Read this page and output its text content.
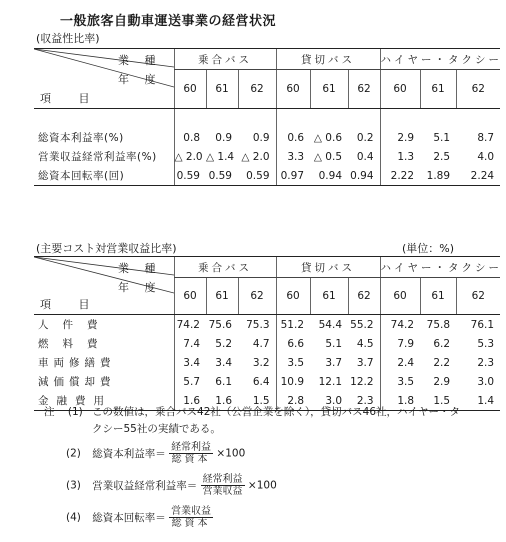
一般旅客自動車運送事業の経営状況
(収益性比率)
業 種
年 度
項 目	乗合バス			貸切バス			ハイヤー・タクシー		
	60	61	62	60	61	62	60	61	62

総資本利益率(%)	0.8	0.9	0.9	0.6	△ 0.6	0.2	2.9	5.1	8.7
営業収益経常利益率(%)	△ 2.0	△ 1.4	△ 2.0	3.3	△ 0.5	0.4	1.3	2.5	4.0
総資本回転率(回)	0.59	0.59	0.59	0.97	0.94	0.94	2.22	1.89	2.24
(主要コスト対営業収益比率)	(単位：%)
業 種
年 度
項 目	乗合バス			貸切バス			ハイヤー・タクシー		
	60	61	62	60	61	62	60	61	62

人件費	74.2	75.6	75.3	51.2	54.4	55.2	74.2	75.8	76.1
燃料費	7.4	5.2	4.7	6.6	5.1	4.5	7.9	6.2	5.3
車両修繕費	3.4	3.4	3.2	3.5	3.7	3.7	2.4	2.2	2.3
減価償却費	5.7	6.1	6.4	10.9	12.1	12.2	3.5	2.9	3.0
金融費用	1.6	1.6	1.5	2.8	3.0	2.3	1.8	1.5	1.4
注 (1) この数値は，乗合バス42社（公営企業を除く），貸切バス46社，ハイヤー・タ
クシー55社の実績である。
(2) 総資本利益率＝ $\frac{\text{経常利益}}{\text{総資本}} \times 100$
(3) 営業収益経常利益率＝ $\frac{\text{経常利益}}{\text{営業収益}} \times 100$
(4) 総資本回転率＝ $\frac{\text{営業収益}}{\text{総資本}}$
